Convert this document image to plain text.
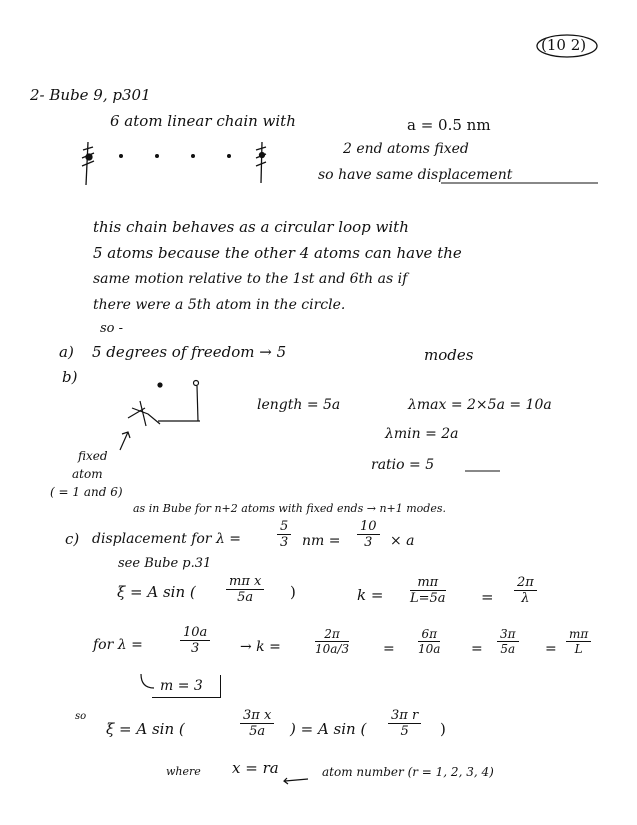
(10 2)
2- Bube 9, p301
6 atom linear chain with	a = 0.5 nm
2 end atoms fixed
so have same displacement
this chain behaves as a circular loop with
5 atoms because the other 4 atoms can have the
same motion relative to the 1st and 6th as if
there were a 5th atom in the circle.
so -
a) 5 degrees of freedom → 5	modes
b)
length = 5a	λmax = 2×5a = 10a
λmin = 2a
ratio = 5
fixed
atom
( = 1 and 6)
as in Bube for n+2 atoms with fixed ends → n+1 modes.
c) displacement for λ =	$\frac{5}{3}$ nm = $\frac{10}{3} \times a$
see Bube p.31
ξ = A sin ( $\frac{\text{mπ x}}{5a}$ )	$k = \frac{m\pi}{L=5a} = \frac{2\pi}{\lambda}$
for λ =	$\frac{10a}{3} \to k$ =	$\frac{2\pi}{10a/3} = \frac{6\pi}{10a} = \frac{3\pi}{5a} = \frac{m\pi}{L}$
m = 3
so
ξ = A sin (	$\frac{\text{3π x}}{5a}$ ) = A sin ( $\frac{\text{3π r}}{5}$ )
where x = ra	atom number (r = 1, 2, 3, 4)
